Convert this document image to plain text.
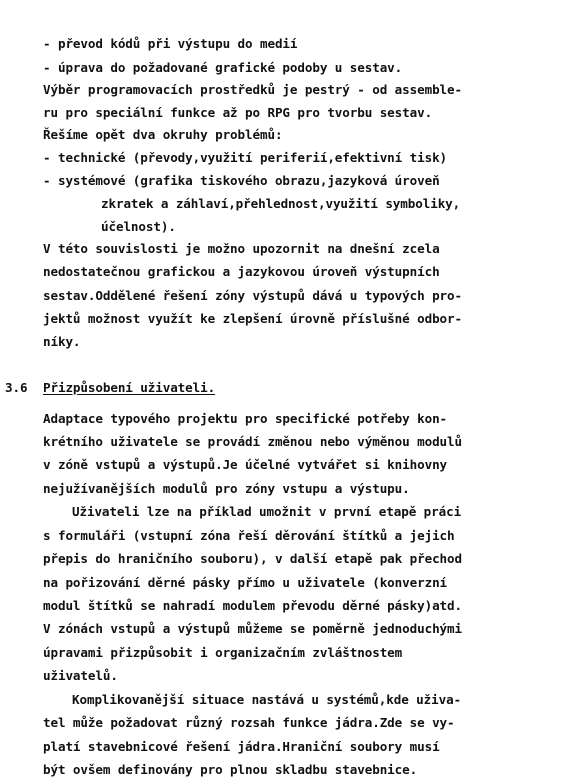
- převod kódů při výstupu do medií
- úprava do požadované grafické podoby u sestav.
Výběr programovacích prostředků je pestrý - od assemble-
ru pro speciální funkce až po RPG pro tvorbu sestav.
Řešíme opět dva okruhy problémů:
- technické (převody,využití periferií,efektivní tisk)
- systémové (grafika tiskového obrazu,jazyková úroveň
zkratek a záhlaví,přehlednost,využití symboliky,
účelnost).
V této souvislosti je možno upozornit na dnešní zcela
nedostatečnou grafickou a jazykovou úroveň výstupních
sestav.Oddělené řešení zóny výstupů dává u typových pro-
jektů možnost využít ke zlepšení úrovně příslušné odbor-
níky.
3.6 Přizpůsobení uživateli.
Adaptace typového projektu pro specifické potřeby kon-
krétního uživatele se provádí změnou nebo výměnou modulů
v zóně vstupů a výstupů.Je účelné vytvářet si knihovny
nejužívanějších modulů pro zóny vstupu a výstupu.
Uživateli lze na příklad umožnit v první etapě práci
s formuláři (vstupní zóna řeší děrování štítků a jejich
přepis do hraničního souboru), v další etapě pak přechod
na pořizování děrné pásky přímo u uživatele (konverzní
modul štítků se nahradí modulem převodu děrné pásky)atd.
V zónách vstupů a výstupů můžeme se poměrně jednoduchými
úpravami přizpůsobit i organizačním zvláštnostem
uživatelů.
Komplikovanější situace nastává u systémů,kde uživa-
tel může požadovat různý rozsah funkce jádra.Zde se vy-
platí stavebnicové řešení jádra.Hraniční soubory musí
být ovšem definovány pro plnou skladbu stavebnice.
